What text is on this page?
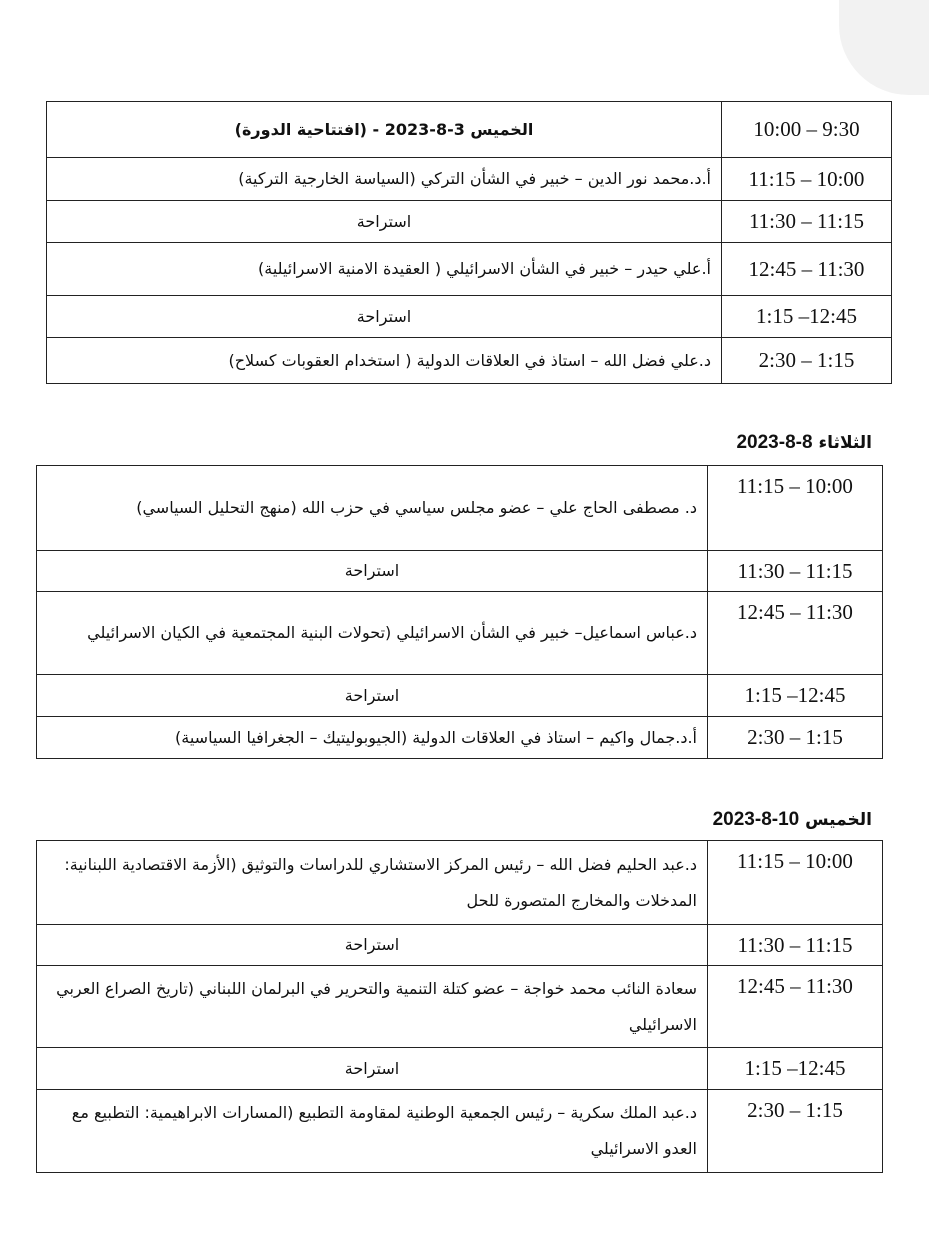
10:00 – 9:30	الخميس 3-8-2023 - (افتتاحية الدورة)
11:15 – 10:00	أ.د.محمد نور الدين – خبير في الشأن التركي (السياسة الخارجية التركية)
11:30 – 11:15	استراحة
12:45 – 11:30	أ.علي حيدر – خبير في الشأن الاسرائيلي ( العقيدة الامنية الاسرائيلية)
1:15 –12:45	استراحة
2:30 – 1:15	د.علي فضل الله – استاذ في العلاقات الدولية ( استخدام العقوبات كسلاح)
الثلاثاء 8-8-2023
11:15 – 10:00	د. مصطفى الحاج علي – عضو مجلس سياسي في حزب الله (منهج التحليل السياسي)
11:30 – 11:15	استراحة
12:45 – 11:30	د.عباس اسماعيل– خبير في الشأن الاسرائيلي (تحولات البنية المجتمعية في الكيان الاسرائيلي
1:15 –12:45	استراحة
2:30 – 1:15	أ.د.جمال واكيم – استاذ في العلاقات الدولية (الجيوبوليتيك – الجغرافيا السياسية)
الخميس 10-8-2023
11:15 – 10:00	د.عبد الحليم فضل الله – رئيس المركز الاستشاري للدراسات والتوثيق (الأزمة الاقتصادية اللبنانية: المدخلات والمخارج المتصورة للحل
11:30 – 11:15	استراحة
12:45 – 11:30	سعادة النائب محمد خواجة – عضو كتلة التنمية والتحرير في البرلمان اللبناني (تاريخ الصراع العربي الاسرائيلي
1:15 –12:45	استراحة
2:30 – 1:15	د.عبد الملك سكرية – رئيس الجمعية الوطنية لمقاومة التطبيع (المسارات الابراهيمية: التطبيع مع العدو الاسرائيلي
